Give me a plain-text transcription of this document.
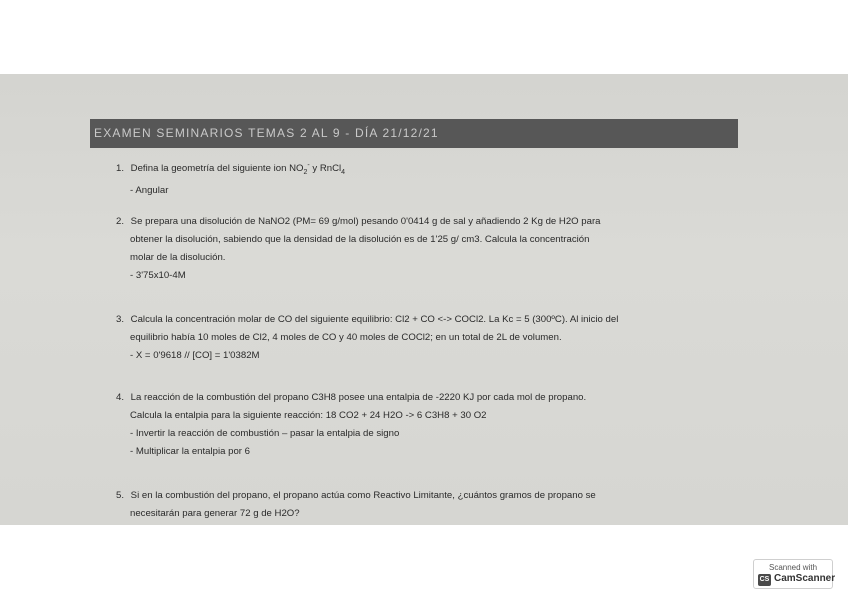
EXAMEN SEMINARIOS TEMAS 2 AL 9 - DÍA 21/12/21
1. Defina la geometría del siguiente ion $NO_2^-$ y RnCl$_4$
- Angular
2. Se prepara una disolución de NaNO2 (PM= 69 g/mol) pesando 0'0414 g de sal y añadiendo 2 Kg de H2O para
obtener la disolución, sabiendo que la densidad de la disolución es de 1'25 g/ cm3. Calcula la concentración
molar de la disolución.
- 3'75x10-4M
3. Calcula la concentración molar de CO del siguiente equilibrio: Cl2 + CO <-> COCl2. La Kc = 5 (300ºC). Al inicio del
equilibrio había 10 moles de Cl2, 4 moles de CO y 40 moles de COCl2; en un total de 2L de volumen.
- X = 0'9618 // [CO] = 1'0382M
4. La reacción de la combustión del propano C3H8 posee una entalpia de -2220 KJ por cada mol de propano.
Calcula la entalpia para la siguiente reacción: 18 CO2 + 24 H2O -> 6 C3H8 + 30 O2
- Invertir la reacción de combustión – pasar la entalpia de signo
- Multiplicar la entalpia por 6
5. Si en la combustión del propano, el propano actúa como Reactivo Limitante, ¿cuántos gramos de propano se
necesitarán para generar 72 g de H2O?
Scanned with
CS CamScanner
